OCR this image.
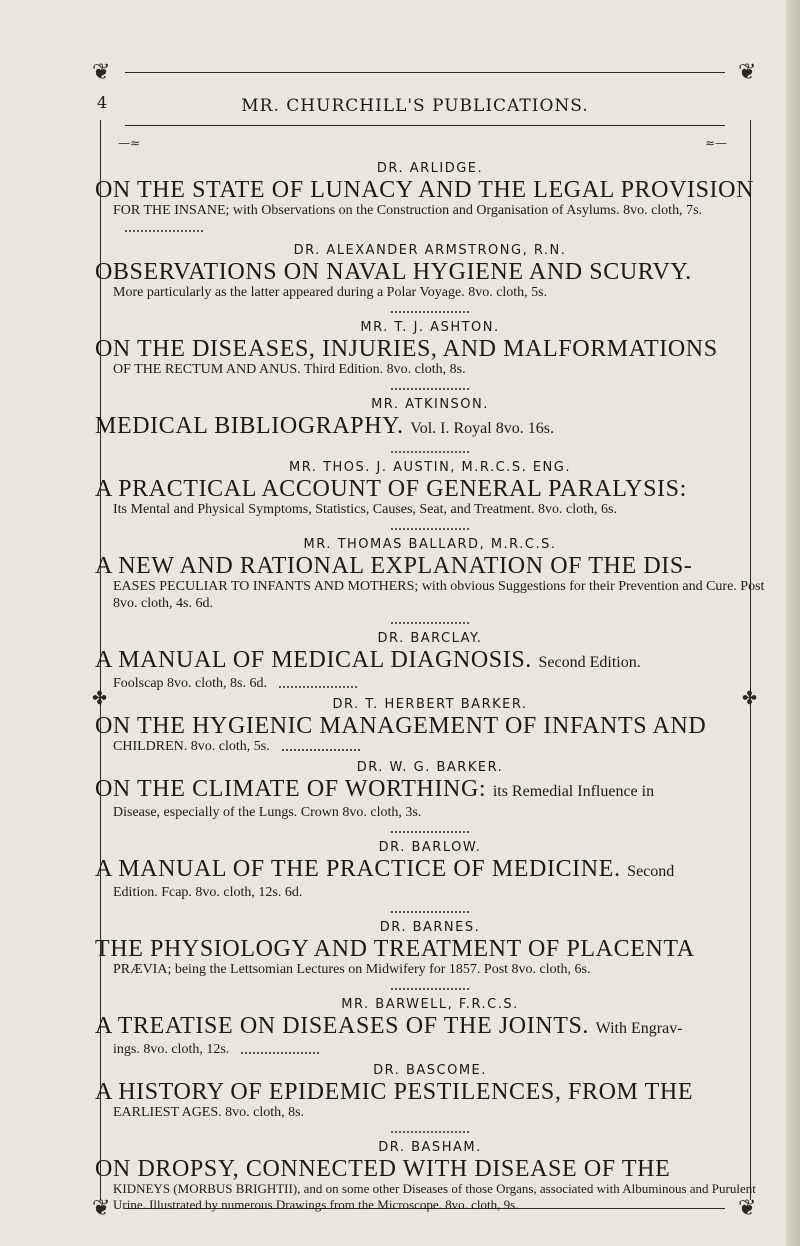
❦	❦
❦	❦
✤	✤
—≈	≈—
4	MR. CHURCHILL'S PUBLICATIONS.

DR. ARLIDGE.

ON THE STATE OF LUNACY AND THE LEGAL PROVISION

FOR THE INSANE; with Observations on the Construction and Organisation of Asylums. 8vo. cloth, 7s.

DR. ALEXANDER ARMSTRONG, R.N.

OBSERVATIONS ON NAVAL HYGIENE AND SCURVY.

More particularly as the latter appeared during a Polar Voyage. 8vo. cloth, 5s.

MR. T. J. ASHTON.

ON THE DISEASES, INJURIES, AND MALFORMATIONS

OF THE RECTUM AND ANUS. Third Edition. 8vo. cloth, 8s.

MR. ATKINSON.

MEDICAL BIBLIOGRAPHY. Vol. I. Royal 8vo. 16s.

MR. THOS. J. AUSTIN, M.R.C.S. ENG.

A PRACTICAL ACCOUNT OF GENERAL PARALYSIS:

Its Mental and Physical Symptoms, Statistics, Causes, Seat, and Treatment. 8vo. cloth, 6s.

MR. THOMAS BALLARD, M.R.C.S.

A NEW AND RATIONAL EXPLANATION OF THE DIS-

EASES PECULIAR TO INFANTS AND MOTHERS; with obvious Suggestions for their Prevention and Cure. Post 8vo. cloth, 4s. 6d.

DR. BARCLAY.

A MANUAL OF MEDICAL DIAGNOSIS. Second Edition.

Foolscap 8vo. cloth, 8s. 6d.

DR. T. HERBERT BARKER.

ON THE HYGIENIC MANAGEMENT OF INFANTS AND

CHILDREN. 8vo. cloth, 5s.

DR. W. G. BARKER.

ON THE CLIMATE OF WORTHING: its Remedial Influence in

Disease, especially of the Lungs. Crown 8vo. cloth, 3s.

DR. BARLOW.

A MANUAL OF THE PRACTICE OF MEDICINE. Second

Edition. Fcap. 8vo. cloth, 12s. 6d.

DR. BARNES.

THE PHYSIOLOGY AND TREATMENT OF PLACENTA

PRÆVIA; being the Lettsomian Lectures on Midwifery for 1857. Post 8vo. cloth, 6s.

MR. BARWELL, F.R.C.S.

A TREATISE ON DISEASES OF THE JOINTS. With Engrav-

ings. 8vo. cloth, 12s.

DR. BASCOME.

A HISTORY OF EPIDEMIC PESTILENCES, FROM THE

EARLIEST AGES. 8vo. cloth, 8s.

DR. BASHAM.

ON DROPSY, CONNECTED WITH DISEASE OF THE

KIDNEYS (MORBUS BRIGHTII), and on some other Diseases of those Organs, associated with Albuminous and Purulent Urine. Illustrated by numerous Drawings from the Microscope. 8vo. cloth, 9s.
